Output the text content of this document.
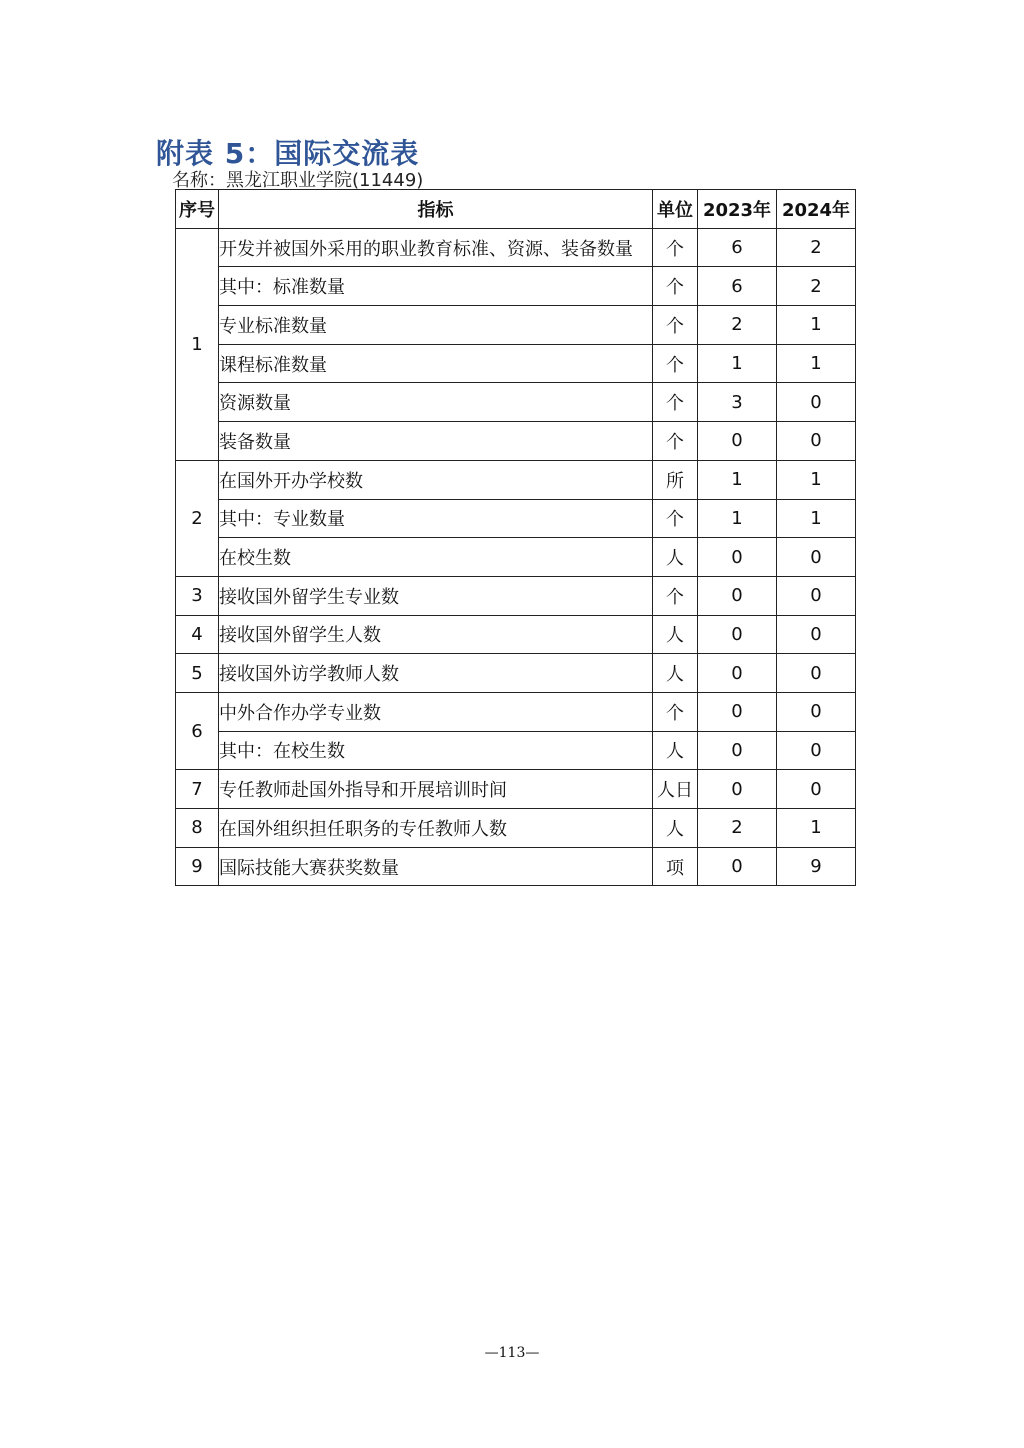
附表 5：国际交流表
名称：黑龙江职业学院(11449)
序号	指标	单位	2023年	2024年
1	开发并被国外采用的职业教育标准、资源、装备数量	个	6	2
	其中：标准数量	个	6	2
	专业标准数量	个	2	1
	课程标准数量	个	1	1
	资源数量	个	3	0
	装备数量	个	0	0
2	在国外开办学校数	所	1	1
	其中：专业数量	个	1	1
	在校生数	人	0	0
3	接收国外留学生专业数	个	0	0
4	接收国外留学生人数	人	0	0
5	接收国外访学教师人数	人	0	0
6	中外合作办学专业数	个	0	0
	其中：在校生数	人	0	0
7	专任教师赴国外指导和开展培训时间	人日	0	0
8	在国外组织担任职务的专任教师人数	人	2	1
9	国际技能大赛获奖数量	项	0	9
—113—
